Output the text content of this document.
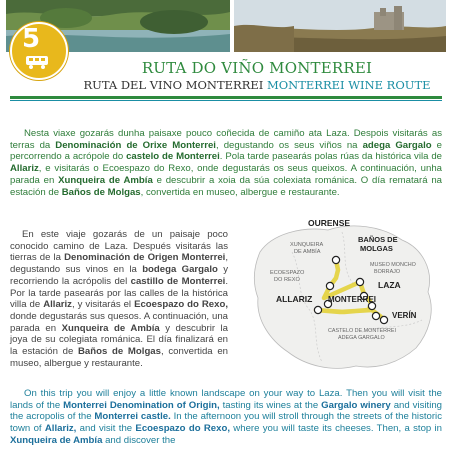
5
RUTA DO VIÑO MONTERREI
RUTA DEL VINO MONTERREI MONTERREI WINE ROUTE
Nesta viaxe gozarás dunha paisaxe pouco coñecida de camiño ata Laza. Despois visitarás as terras da Denominación de Orixe Monterrei, degustando os seus viños na adega Gargalo e percorrendo a acrópole do castelo de Monterrei. Pola tarde pasearás polas rúas da histórica vila de Allariz, e visitarás o Ecoespazo do Rexo, onde degustarás os seus queixos. A continuación, unha parada en Xunqueira de Ambía e descubrir a xoia da súa colexiata románica. O día rematará na estación de Baños de Molgas, convertida en museo, albergue e restaurante.
En este viaje gozarás de un paisaje poco conocido camino de Laza. Después visitarás las tierras de la Denominación de Origen Monterrei, degustando sus vinos en la bodega Gargalo y recorriendo la acrópolis del castillo de Monterrei. Por la tarde pasearás por las calles de la histórica villa de Allariz, y visitarás el Ecoespazo do Rexo, donde degustarás sus quesos. A continuación, una parada en Xunqueira de Ambía y descubrir la joya de su colegiata románica. El día finalizará en la estación de Baños de Molgas, convertida en museo, albergue y restaurante.
OURENSE
XUNQUEIRA
DE AMBÍA
BAÑOS DE
MOLGAS
MUSEO MONCHO
BORRAJO
ECOESPAZO
DO REXO	LAZA
ALLARIZ MONTERREI
VERÍN
CASTELO DE MONTERREI
ADEGA GARGALO
On this trip you will enjoy a little known landscape on your way to Laza. Then you will visit the lands of the Monterrei Denomination of Origin, tasting its wines at the Gargalo winery and visiting the acropolis of the Monterrei castle. In the afternoon you will stroll through the streets of the historic town of Allariz, and visit the Ecoespazo do Rexo, where you will taste its cheeses. Then, a stop in Xunqueira de Ambía and discover the
